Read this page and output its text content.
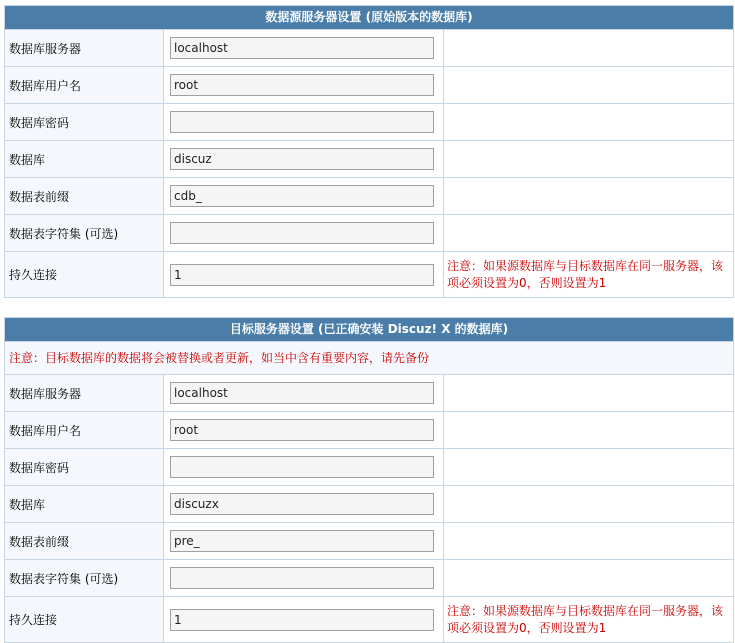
数据源服务器设置 (原始版本的数据库)
数据库服务器
localhost
数据库用户名
root
数据库密码
数据库
discuz
数据表前缀
cdb_
数据表字符集 (可选)
持久连接
1
注意：如果源数据库与目标数据库在同一服务器，该项必须设置为0，否则设置为1
目标服务器设置 (已正确安装 Discuz! X 的数据库)
注意：目标数据库的数据将会被替换或者更新，如当中含有重要内容，请先备份
数据库服务器
localhost
数据库用户名
root
数据库密码
数据库
discuzx
数据表前缀
pre_
数据表字符集 (可选)
持久连接
1
注意：如果源数据库与目标数据库在同一服务器，该项必须设置为0，否则设置为1
